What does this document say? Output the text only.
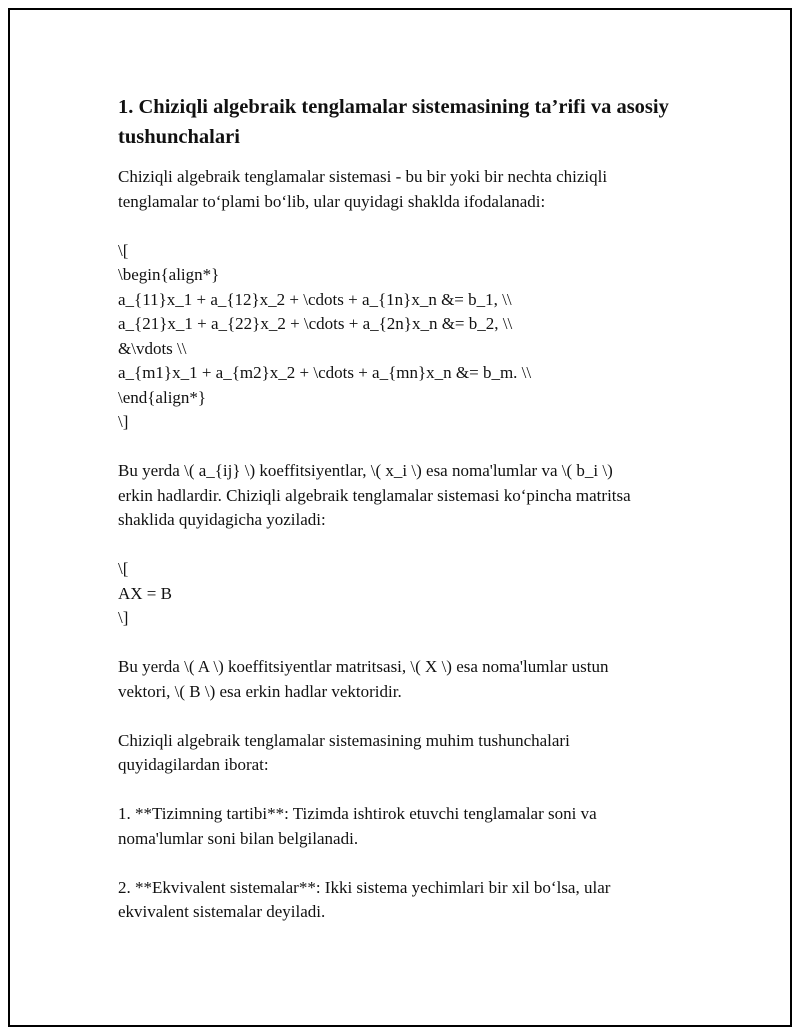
1. Chiziqli algebraik tenglamalar sistemasining ta’rifi va asosiy
tushunchalari
Chiziqli algebraik tenglamalar sistemasi - bu bir yoki bir nechta chiziqli
tenglamalar to‘plami bo‘lib, ular quyidagi shaklda ifodalanadi:
\[
\begin{align*}
a_{11}x_1 + a_{12}x_2 + \cdots + a_{1n}x_n &= b_1, \\
a_{21}x_1 + a_{22}x_2 + \cdots + a_{2n}x_n &= b_2, \\
&\vdots \\
a_{m1}x_1 + a_{m2}x_2 + \cdots + a_{mn}x_n &= b_m. \\
\end{align*}
\]
Bu yerda \( a_{ij} \) koeffitsiyentlar, \( x_i \) esa noma'lumlar va \( b_i \)
erkin hadlardir. Chiziqli algebraik tenglamalar sistemasi ko‘pincha matritsa
shaklida quyidagicha yoziladi:
\[
AX = B
\]
Bu yerda \( A \) koeffitsiyentlar matritsasi, \( X \) esa noma'lumlar ustun
vektori, \( B \) esa erkin hadlar vektoridir.
Chiziqli algebraik tenglamalar sistemasining muhim tushunchalari
quyidagilardan iborat:
1. **Tizimning tartibi**: Tizimda ishtirok etuvchi tenglamalar soni va
noma'lumlar soni bilan belgilanadi.
2. **Ekvivalent sistemalar**: Ikki sistema yechimlari bir xil bo‘lsa, ular
ekvivalent sistemalar deyiladi.
